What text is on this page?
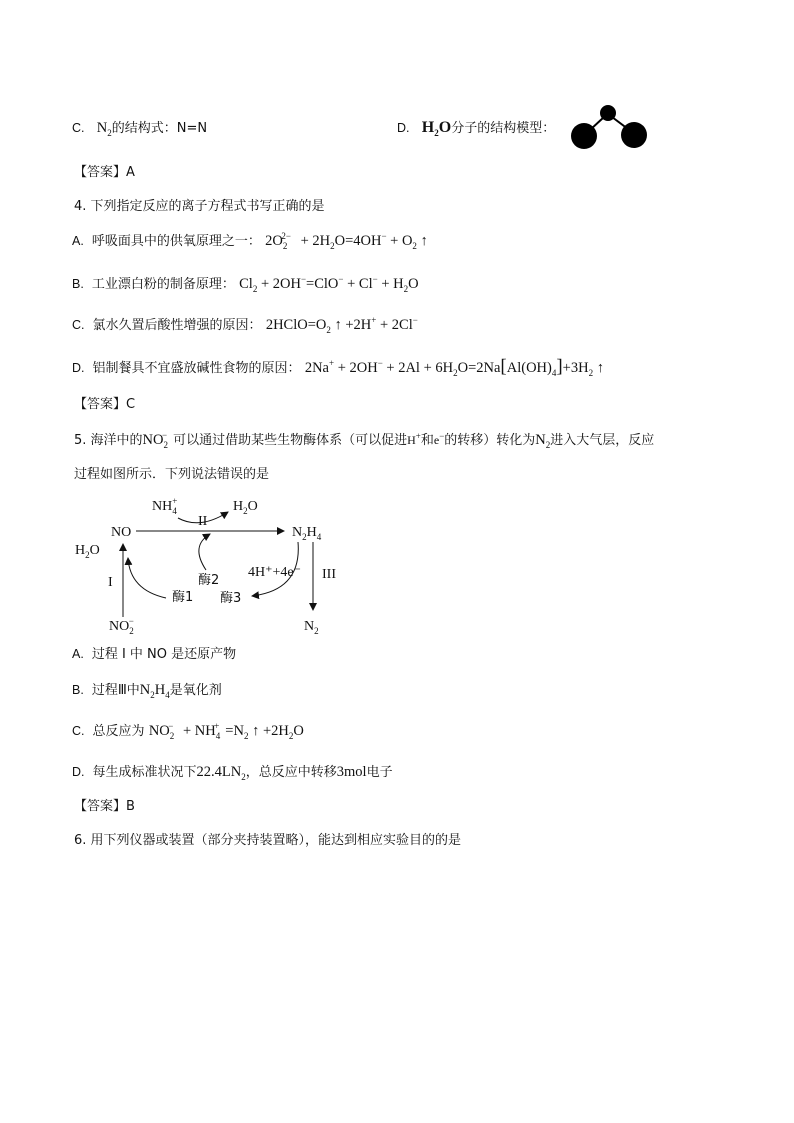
C. $N_2$的结构式：N=N	D. $H_2O$分子的结构模型：
【答案】A
4. 下列指定反应的离子方程式书写正确的是
A. 呼吸面具中的供氧原理之一： $2O_2^{2-} + 2H_2O=4OH^- + O_2$ ↑
B. 工业漂白粉的制备原理： $Cl_2 + 2OH^-=ClO^- + Cl^- + H_2O$
C. 氯水久置后酸性增强的原因： $2HClO=O_2$ ↑ +2H+ + 2Cl−
D. 铝制餐具不宜盛放碱性食物的原因： $2Na^+ + 2OH^- + 2Al + 6H_2O=2Na[Al(OH)_4]+3H_2$ ↑
【答案】C
5. 海洋中的$NO_2^-$ 可以通过借助某些生物酶体系（可以促进H+和e−的转移）转化为$N_2$进入大气层，反应
过程如图所示．下列说法错误的是
NH+ 4	$H_2O$
II
NO	$N_2H_4$
$H_2O$
I	酶2
酶1 酶3
4H⁺+4e⁻ III
$N_2$
$NO_2-$
A. 过程 I 中 NO 是还原产物
B. 过程Ⅲ中$N_2H_4$是氧化剂
C. 总反应为 $NO_2^- + NH_4^+ =N_2$ ↑ $+2H_2O$
D. 每生成标准状况下$22.4LN_2$，总反应中转移3mol电子
【答案】B
6. 用下列仪器或装置（部分夹持装置略），能达到相应实验目的的是
